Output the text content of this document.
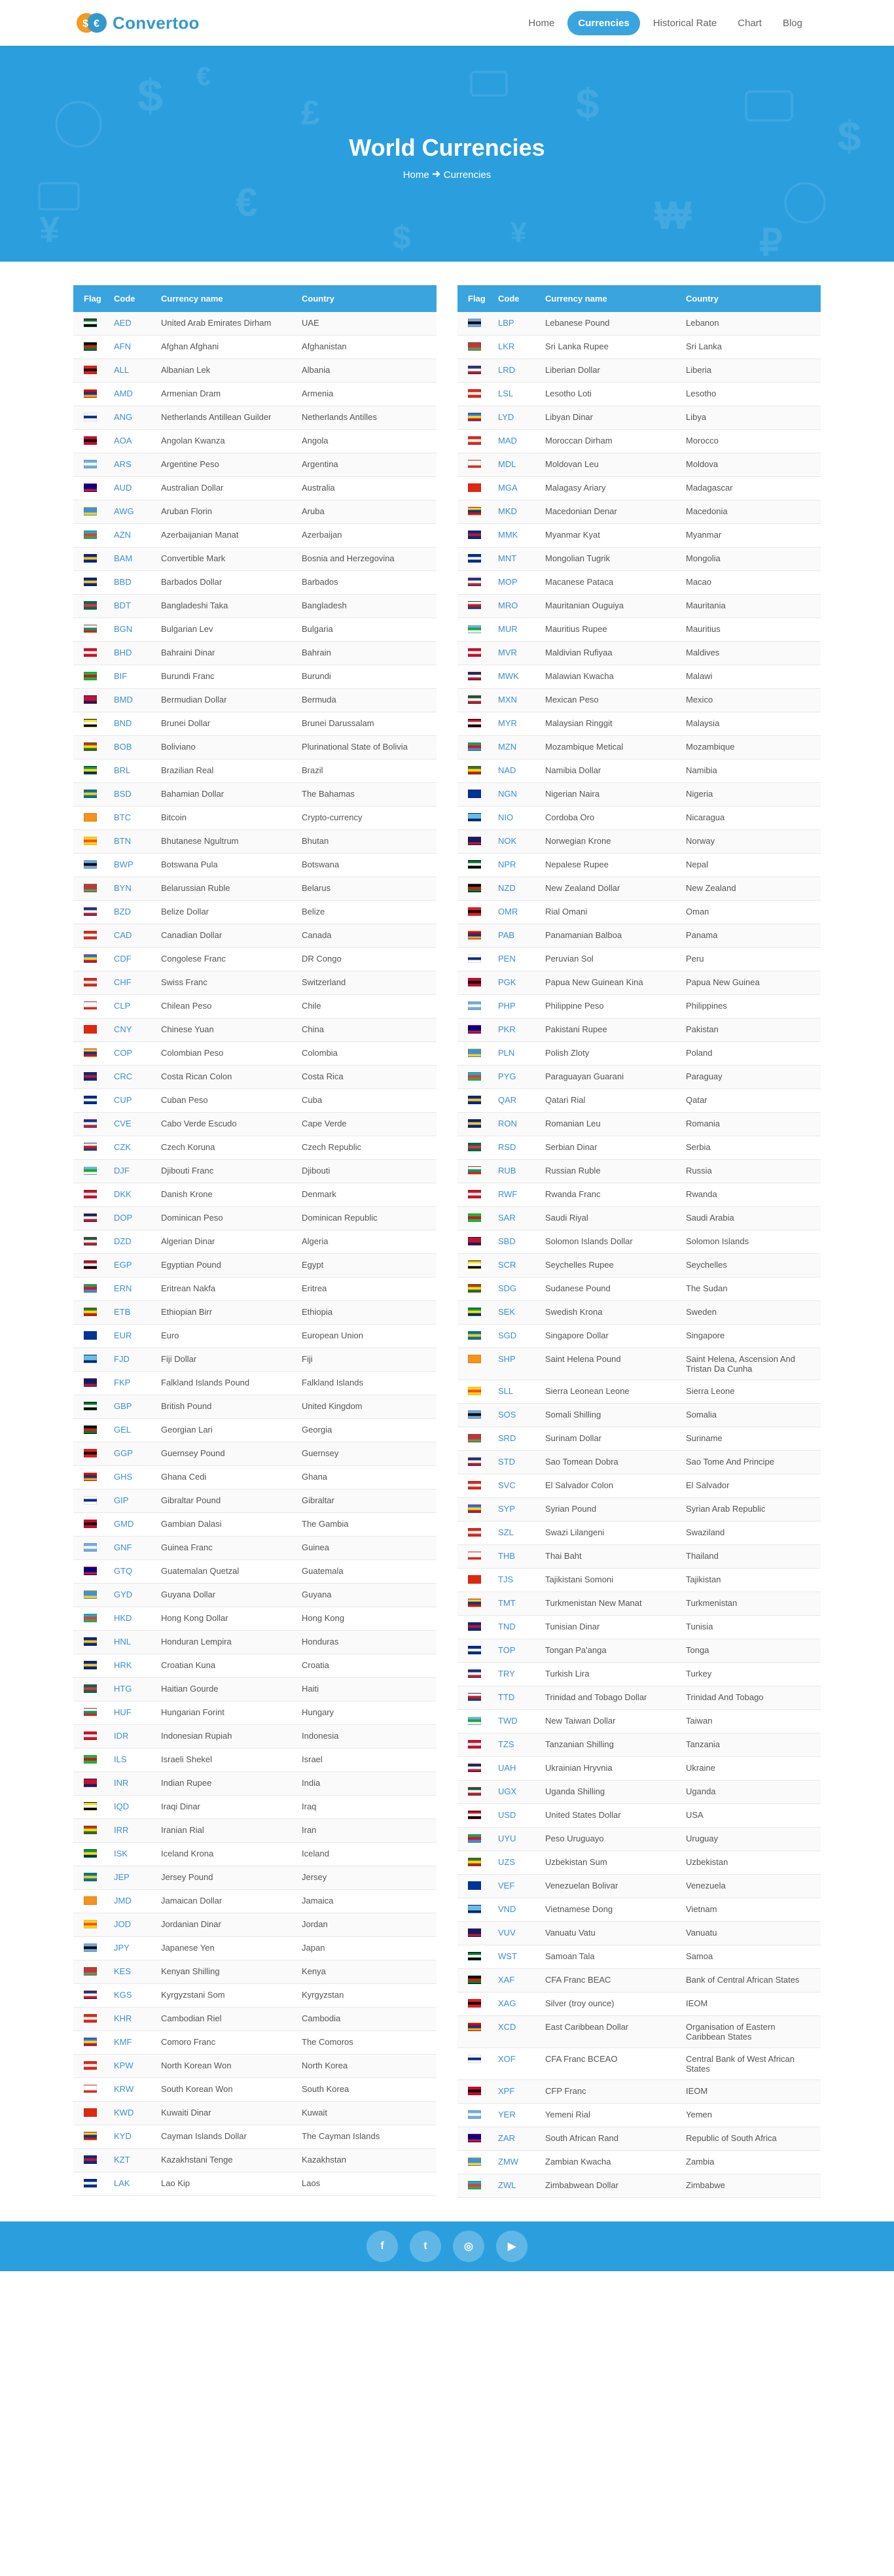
$ € Convertoo	Home	Currencies	Historical Rate	Chart	Blog
$
¥
€
£	$
₩
$
₽
$
€
¥
World Currencies
Home Currencies
Flag	Code	Currency name	Country
	AED	United Arab Emirates Dirham	UAE
	AFN	Afghan Afghani	Afghanistan
	ALL	Albanian Lek	Albania
	AMD	Armenian Dram	Armenia
	ANG	Netherlands Antillean Guilder	Netherlands Antilles
	AOA	Angolan Kwanza	Angola
	ARS	Argentine Peso	Argentina
	AUD	Australian Dollar	Australia
	AWG	Aruban Florin	Aruba
	AZN	Azerbaijanian Manat	Azerbaijan
	BAM	Convertible Mark	Bosnia and Herzegovina
	BBD	Barbados Dollar	Barbados
	BDT	Bangladeshi Taka	Bangladesh
	BGN	Bulgarian Lev	Bulgaria
	BHD	Bahraini Dinar	Bahrain
	BIF	Burundi Franc	Burundi
	BMD	Bermudian Dollar	Bermuda
	BND	Brunei Dollar	Brunei Darussalam
	BOB	Boliviano	Plurinational State of Bolivia
	BRL	Brazilian Real	Brazil
	BSD	Bahamian Dollar	The Bahamas
	BTC	Bitcoin	Crypto-currency
	BTN	Bhutanese Ngultrum	Bhutan
	BWP	Botswana Pula	Botswana
	BYN	Belarussian Ruble	Belarus
	BZD	Belize Dollar	Belize
	CAD	Canadian Dollar	Canada
	CDF	Congolese Franc	DR Congo
	CHF	Swiss Franc	Switzerland
	CLP	Chilean Peso	Chile
	CNY	Chinese Yuan	China
	COP	Colombian Peso	Colombia
	CRC	Costa Rican Colon	Costa Rica
	CUP	Cuban Peso	Cuba
	CVE	Cabo Verde Escudo	Cape Verde
	CZK	Czech Koruna	Czech Republic
	DJF	Djibouti Franc	Djibouti
	DKK	Danish Krone	Denmark
	DOP	Dominican Peso	Dominican Republic
	DZD	Algerian Dinar	Algeria
	EGP	Egyptian Pound	Egypt
	ERN	Eritrean Nakfa	Eritrea
	ETB	Ethiopian Birr	Ethiopia
	EUR	Euro	European Union
	FJD	Fiji Dollar	Fiji
	FKP	Falkland Islands Pound	Falkland Islands
	GBP	British Pound	United Kingdom
	GEL	Georgian Lari	Georgia
	GGP	Guernsey Pound	Guernsey
	GHS	Ghana Cedi	Ghana
	GIP	Gibraltar Pound	Gibraltar
	GMD	Gambian Dalasi	The Gambia
	GNF	Guinea Franc	Guinea
	GTQ	Guatemalan Quetzal	Guatemala
	GYD	Guyana Dollar	Guyana
	HKD	Hong Kong Dollar	Hong Kong
	HNL	Honduran Lempira	Honduras
	HRK	Croatian Kuna	Croatia
	HTG	Haitian Gourde	Haiti
	HUF	Hungarian Forint	Hungary
	IDR	Indonesian Rupiah	Indonesia
	ILS	Israeli Shekel	Israel
	INR	Indian Rupee	India
	IQD	Iraqi Dinar	Iraq
	IRR	Iranian Rial	Iran
	ISK	Iceland Krona	Iceland
	JEP	Jersey Pound	Jersey
	JMD	Jamaican Dollar	Jamaica
	JOD	Jordanian Dinar	Jordan
	JPY	Japanese Yen	Japan
	KES	Kenyan Shilling	Kenya
	KGS	Kyrgyzstani Som	Kyrgyzstan
	KHR	Cambodian Riel	Cambodia
	KMF	Comoro Franc	The Comoros
	KPW	North Korean Won	North Korea
	KRW	South Korean Won	South Korea
	KWD	Kuwaiti Dinar	Kuwait
	KYD	Cayman Islands Dollar	The Cayman Islands
	KZT	Kazakhstani Tenge	Kazakhstan
	LAK	Lao Kip	Laos
Flag	Code	Currency name	Country
	LBP	Lebanese Pound	Lebanon
	LKR	Sri Lanka Rupee	Sri Lanka
	LRD	Liberian Dollar	Liberia
	LSL	Lesotho Loti	Lesotho
	LYD	Libyan Dinar	Libya
	MAD	Moroccan Dirham	Morocco
	MDL	Moldovan Leu	Moldova
	MGA	Malagasy Ariary	Madagascar
	MKD	Macedonian Denar	Macedonia
	MMK	Myanmar Kyat	Myanmar
	MNT	Mongolian Tugrik	Mongolia
	MOP	Macanese Pataca	Macao
	MRO	Mauritanian Ouguiya	Mauritania
	MUR	Mauritius Rupee	Mauritius
	MVR	Maldivian Rufiyaa	Maldives
	MWK	Malawian Kwacha	Malawi
	MXN	Mexican Peso	Mexico
	MYR	Malaysian Ringgit	Malaysia
	MZN	Mozambique Metical	Mozambique
	NAD	Namibia Dollar	Namibia
	NGN	Nigerian Naira	Nigeria
	NIO	Cordoba Oro	Nicaragua
	NOK	Norwegian Krone	Norway
	NPR	Nepalese Rupee	Nepal
	NZD	New Zealand Dollar	New Zealand
	OMR	Rial Omani	Oman
	PAB	Panamanian Balboa	Panama
	PEN	Peruvian Sol	Peru
	PGK	Papua New Guinean Kina	Papua New Guinea
	PHP	Philippine Peso	Philippines
	PKR	Pakistani Rupee	Pakistan
	PLN	Polish Zloty	Poland
	PYG	Paraguayan Guarani	Paraguay
	QAR	Qatari Rial	Qatar
	RON	Romanian Leu	Romania
	RSD	Serbian Dinar	Serbia
	RUB	Russian Ruble	Russia
	RWF	Rwanda Franc	Rwanda
	SAR	Saudi Riyal	Saudi Arabia
	SBD	Solomon Islands Dollar	Solomon Islands
	SCR	Seychelles Rupee	Seychelles
	SDG	Sudanese Pound	The Sudan
	SEK	Swedish Krona	Sweden
	SGD	Singapore Dollar	Singapore
	SHP	Saint Helena Pound	Saint Helena, Ascension And Tristan Da Cunha
	SLL	Sierra Leonean Leone	Sierra Leone
	SOS	Somali Shilling	Somalia
	SRD	Surinam Dollar	Suriname
	STD	Sao Tomean Dobra	Sao Tome And Principe
	SVC	El Salvador Colon	El Salvador
	SYP	Syrian Pound	Syrian Arab Republic
	SZL	Swazi Lilangeni	Swaziland
	THB	Thai Baht	Thailand
	TJS	Tajikistani Somoni	Tajikistan
	TMT	Turkmenistan New Manat	Turkmenistan
	TND	Tunisian Dinar	Tunisia
	TOP	Tongan Pa'anga	Tonga
	TRY	Turkish Lira	Turkey
	TTD	Trinidad and Tobago Dollar	Trinidad And Tobago
	TWD	New Taiwan Dollar	Taiwan
	TZS	Tanzanian Shilling	Tanzania
	UAH	Ukrainian Hryvnia	Ukraine
	UGX	Uganda Shilling	Uganda
	USD	United States Dollar	USA
	UYU	Peso Uruguayo	Uruguay
	UZS	Uzbekistan Sum	Uzbekistan
	VEF	Venezuelan Bolivar	Venezuela
	VND	Vietnamese Dong	Vietnam
	VUV	Vanuatu Vatu	Vanuatu
	WST	Samoan Tala	Samoa
	XAF	CFA Franc BEAC	Bank of Central African States
	XAG	Silver (troy ounce)	IEOM
	XCD	East Caribbean Dollar	Organisation of Eastern Caribbean States
	XOF	CFA Franc BCEAO	Central Bank of West African States
	XPF	CFP Franc	IEOM
	YER	Yemeni Rial	Yemen
	ZAR	South African Rand	Republic of South Africa
	ZMW	Zambian Kwacha	Zambia
	ZWL	Zimbabwean Dollar	Zimbabwe
f	t	◎	▶
